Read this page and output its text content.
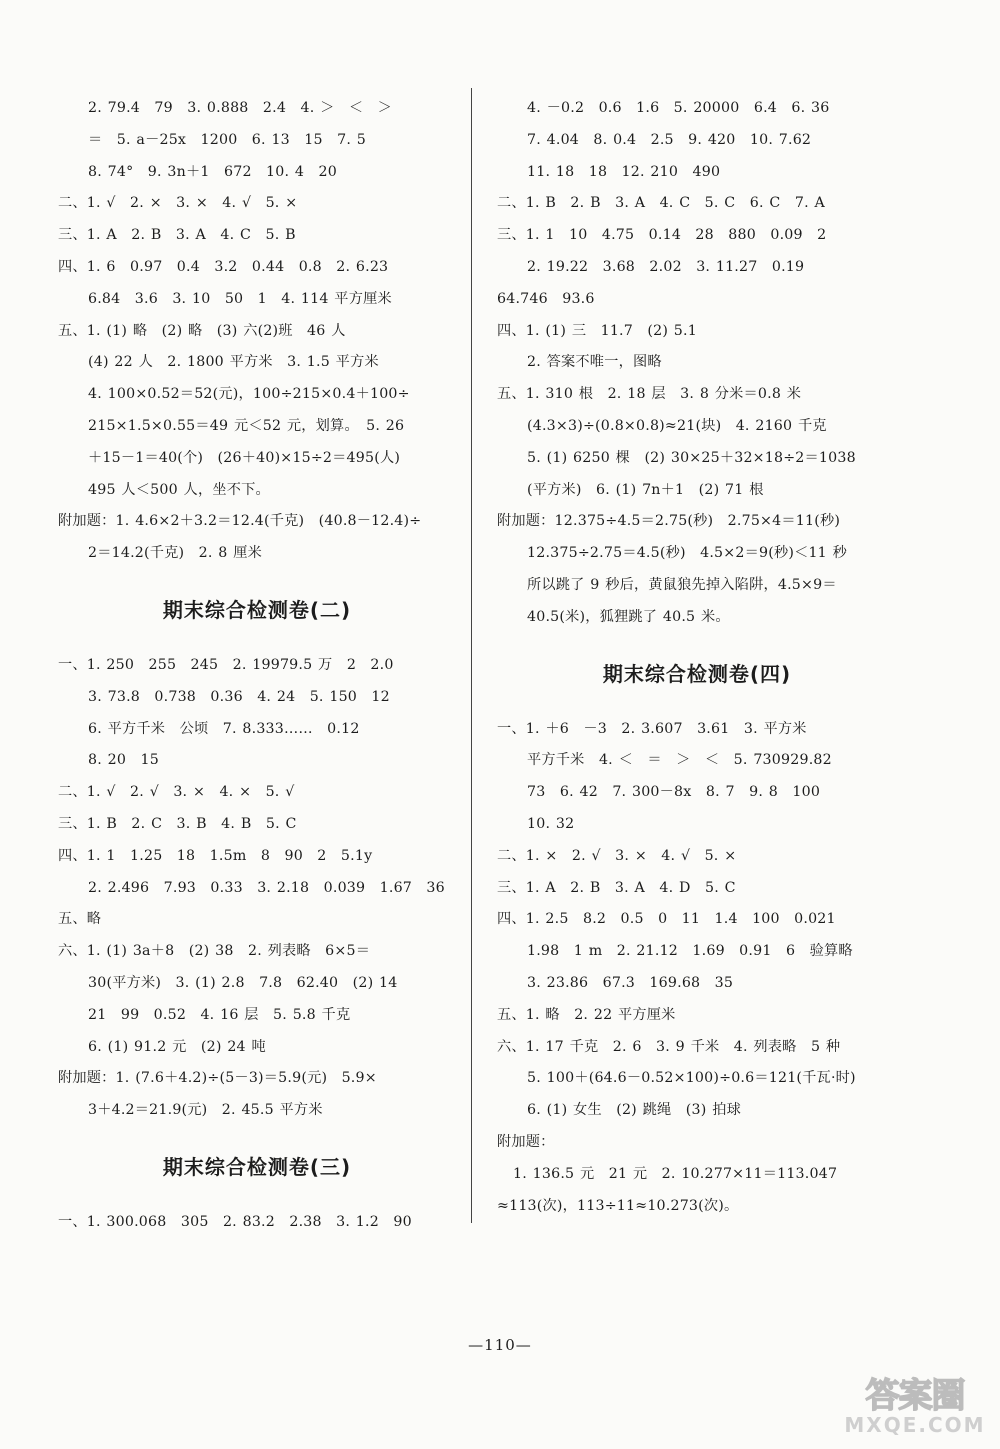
2. 79.4　79　3. 0.888　2.4　4. ＞　＜　＞
＝　5. a－25x　1200　6. 13　15　7. 5
8. 74°　9. 3n＋1　672　10. 4　20
二、1. √　2. ×　3. ×　4. √　5. ×
三、1. A　2. B　3. A　4. C　5. B
四、1. 6　0.97　0.4　3.2　0.44　0.8　2. 6.23
6.84　3.6　3. 10　50　1　4. 114 平方厘米
五、1. (1) 略　(2) 略　(3) 六(2)班　46 人
(4) 22 人　2. 1800 平方米　3. 1.5 平方米
4. 100×0.52＝52(元)，100÷215×0.4＋100÷
215×1.5×0.55＝49 元＜52 元，划算。　5. 26
＋15－1＝40(个)　(26＋40)×15÷2＝495(人)
495 人＜500 人，坐不下。
附加题：1. 4.6×2＋3.2＝12.4(千克)　(40.8－12.4)÷
2＝14.2(千克)　2. 8 厘米
期末综合检测卷(二)
一、1. 250　255　245　2. 19979.5 万　2　2.0
3. 73.8　0.738　0.36　4. 24　5. 150　12
6. 平方千米　公顷　7. 8.333……　0.12
8. 20　15
二、1. √　2. √　3. ×　4. ×　5. √
三、1. B　2. C　3. B　4. B　5. C
四、1. 1　1.25　18　1.5m　8　90　2　5.1y
2. 2.496　7.93　0.33　3. 2.18　0.039　1.67　36
五、略
六、1. (1) 3a＋8　(2) 38　2. 列表略　6×5＝
30(平方米)　3. (1) 2.8　7.8　62.40　(2) 14
21　99　0.52　4. 16 层　5. 5.8 千克
6. (1) 91.2 元　(2) 24 吨
附加题：1. (7.6＋4.2)÷(5－3)＝5.9(元)　5.9×
3＋4.2＝21.9(元)　2. 45.5 平方米
期末综合检测卷(三)
一、1. 300.068　305　2. 83.2　2.38　3. 1.2　90
4. －0.2　0.6　1.6　5. 20000　6.4　6. 36
7. 4.04　8. 0.4　2.5　9. 420　10. 7.62
11. 18　18　12. 210　490
二、1. B　2. B　3. A　4. C　5. C　6. C　7. A
三、1. 1　10　4.75　0.14　28　880　0.09　2
2. 19.22　3.68　2.02　3. 11.27　0.19
64.746　93.6
四、1. (1) 三　11.7　(2) 5.1
2. 答案不唯一，图略
五、1. 310 根　2. 18 层　3. 8 分米＝0.8 米
(4.3×3)÷(0.8×0.8)≈21(块)　4. 2160 千克
5. (1) 6250 棵　(2) 30×25＋32×18÷2＝1038
(平方米)　6. (1) 7n＋1　(2) 71 根
附加题：12.375÷4.5＝2.75(秒)　2.75×4＝11(秒)
12.375÷2.75＝4.5(秒)　4.5×2＝9(秒)＜11 秒
所以跳了 9 秒后，黄鼠狼先掉入陷阱，4.5×9＝
40.5(米)，狐狸跳了 40.5 米。
期末综合检测卷(四)
一、1. ＋6　－3　2. 3.607　3.61　3. 平方米
平方千米　4. ＜　＝　＞　＜　5. 730929.82
73　6. 42　7. 300－8x　8. 7　9. 8　100
10. 32
二、1. ×　2. √　3. ×　4. √　5. ×
三、1. A　2. B　3. A　4. D　5. C
四、1. 2.5　8.2　0.5　0　11　1.4　100　0.021
1.98　1 m　2. 21.12　1.69　0.91　6　验算略
3. 23.86　67.3　169.68　35
五、1. 略　2. 22 平方厘米
六、1. 17 千克　2. 6　3. 9 千米　4. 列表略　5 种
5. 100＋(64.6－0.52×100)÷0.6＝121(千瓦·时)
6. (1) 女生　(2) 跳绳　(3) 拍球
附加题：
1. 136.5 元　21 元　2. 10.277×11＝113.047
≈113(次)，113÷11≈10.273(次)。
—110—
答案圈
MXQE.COM
